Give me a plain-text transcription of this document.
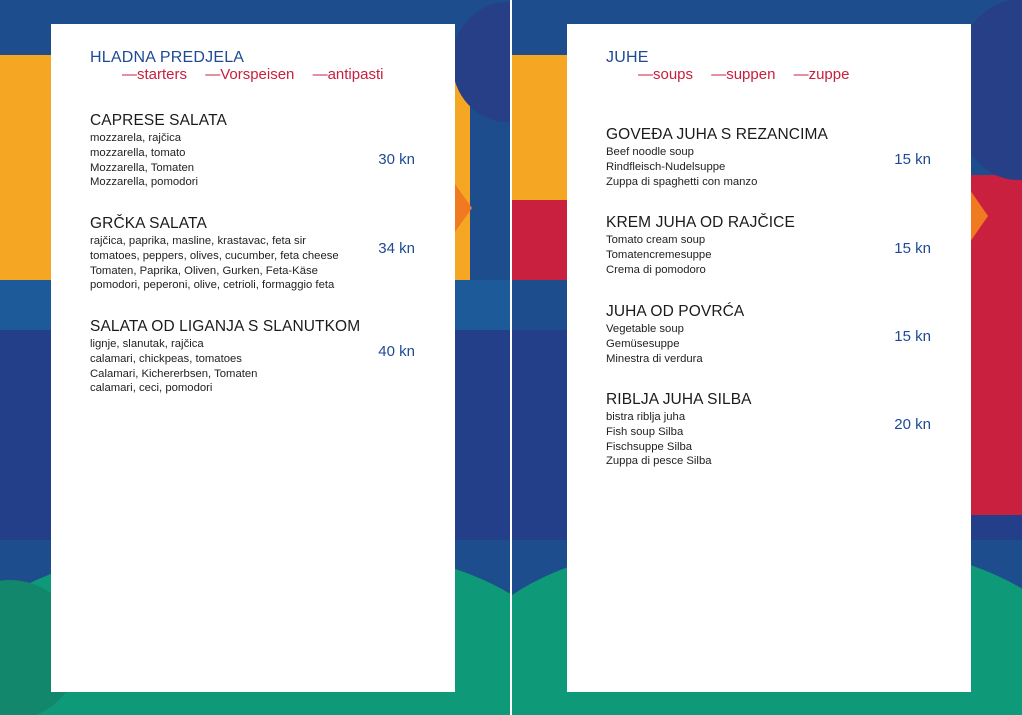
HLADNA PREDJELA
—starters —Vorspeisen —antipasti
CAPRESE SALATA
mozzarela, rajčica
mozzarella, tomato
Mozzarella, Tomaten
Mozzarella, pomodori
30 kn
GRČKA SALATA
rajčica, paprika, masline, krastavac, feta sir
tomatoes, peppers, olives, cucumber, feta cheese
Tomaten, Paprika, Oliven, Gurken, Feta-Käse
pomodori, peperoni, olive, cetrioli, formaggio feta
34 kn
SALATA OD LIGANJA S SLANUTKOM
lignje, slanutak, rajčica
calamari, chickpeas, tomatoes
Calamari, Kichererbsen, Tomaten
calamari, ceci, pomodori
40 kn
JUHE
—soups —suppen —zuppe
GOVEĐA JUHA S REZANCIMA
Beef noodle soup
Rindfleisch-Nudelsuppe
Zuppa di spaghetti con manzo
15 kn
KREM JUHA OD RAJČICE
Tomato cream soup
Tomatencremesuppe
Crema di pomodoro
15 kn
JUHA OD POVRĆA
Vegetable soup
Gemüsesuppe
Minestra di verdura
15 kn
RIBLJA JUHA SILBA
bistra riblja juha
Fish soup Silba
Fischsuppe Silba
Zuppa di pesce Silba
20 kn
